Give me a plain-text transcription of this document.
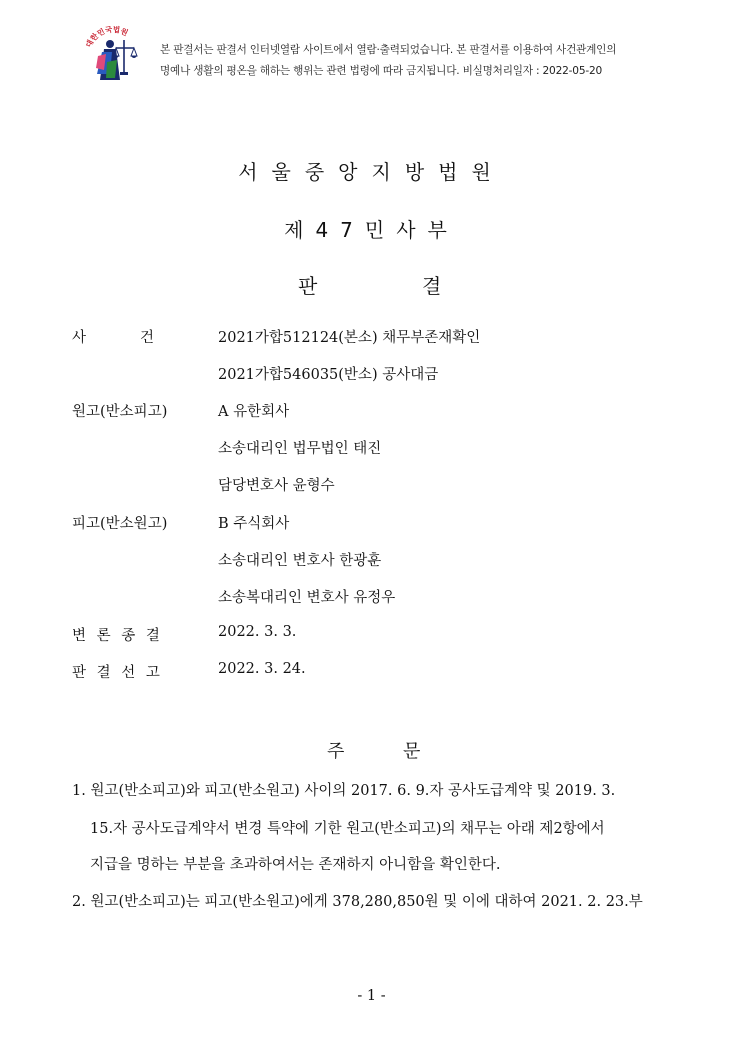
대한민국법원
본 판결서는 판결서 인터넷열람 사이트에서 열람·출력되었습니다. 본 판결서를 이용하여 사건관계인의
명예나 생활의 평온을 해하는 행위는 관련 법령에 따라 금지됩니다. 비실명처리일자 : 2022-05-20
서울중앙지방법원
제47민사부
판	결
사	건	2021가합512124(본소) 채무부존재확인
2021가합546035(반소) 공사대금
원고(반소피고)	A 유한회사
소송대리인 법무법인 태진
담당변호사 윤형수
피고(반소원고)	B 주식회사
소송대리인 변호사 한광훈
소송복대리인 변호사 유정우
변 론 종 결	2022. 3. 3.
판 결 선 고	2022. 3. 24.
주	문
1. 원고(반소피고)와 피고(반소원고) 사이의 2017. 6. 9.자 공사도급계약 및 2019. 3.
15.자 공사도급계약서 변경 특약에 기한 원고(반소피고)의 채무는 아래 제2항에서
지급을 명하는 부분을 초과하여서는 존재하지 아니함을 확인한다.
2. 원고(반소피고)는 피고(반소원고)에게 378,280,850원 및 이에 대하여 2021. 2. 23.부
- 1 -
